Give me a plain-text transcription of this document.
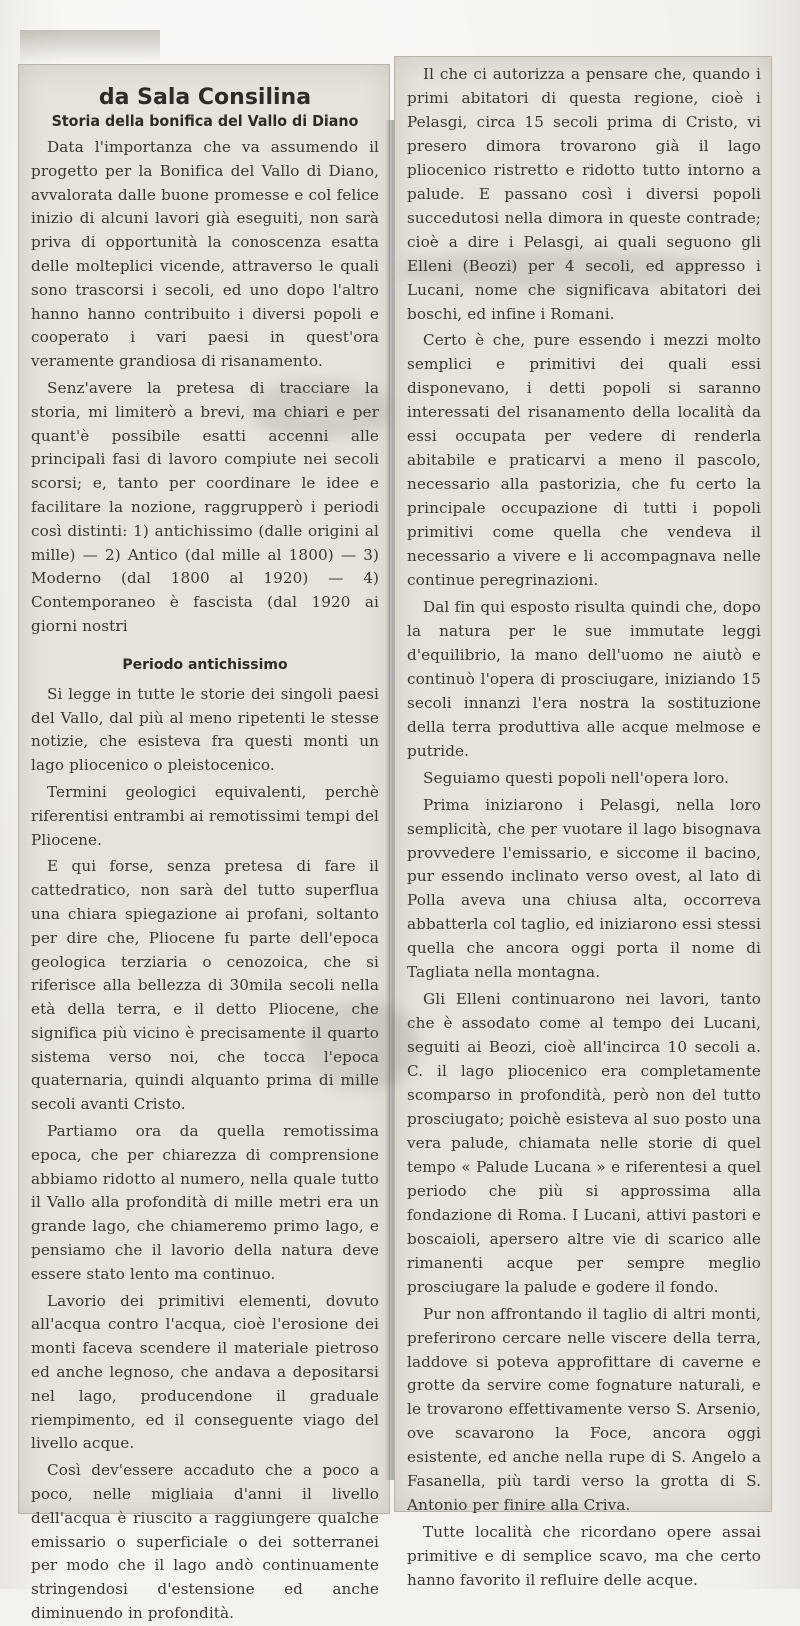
da Sala Consilina
Storia della bonifica del Vallo di Diano

Data l'importanza che va assumendo il progetto per la Bonifica del Vallo di Diano, avvalorata dalle buone promesse e col felice inizio di alcuni lavori già eseguiti, non sarà priva di opportunità la conoscenza esatta delle molteplici vicende, attraverso le quali sono trascorsi i secoli, ed uno dopo l'altro hanno hanno contribuito i diversi popoli e cooperato i vari paesi in quest'ora veramente grandiosa di risanamento.

Senz'avere la pretesa di tracciare la storia, mi limiterò a brevi, ma chiari e per quant'è possibile esatti accenni alle principali fasi di lavoro compiute nei secoli scorsi; e, tanto per coordinare le idee e facilitare la nozione, raggrupperò i periodi così distinti: 1) antichissimo (dalle origini al mille) — 2) Antico (dal mille al 1800) — 3) Moderno (dal 1800 al 1920) — 4) Contemporaneo è fascista (dal 1920 ai giorni nostri

Periodo antichissimo

Si legge in tutte le storie dei singoli paesi del Vallo, dal più al meno ripetenti le stesse notizie, che esisteva fra questi monti un lago pliocenico o pleistocenico.

Termini geologici equivalenti, perchè riferentisi entrambi ai remotissimi tempi del Pliocene.

E qui forse, senza pretesa di fare il cattedratico, non sarà del tutto superflua una chiara spiegazione ai profani, soltanto per dire che, Pliocene fu parte dell'epoca geologica terziaria o cenozoica, che si riferisce alla bellezza di 30mila secoli nella età della terra, e il detto Pliocene, che significa più vicino è precisamente il quarto sistema verso noi, che tocca l'epoca quaternaria, quindi alquanto prima di mille secoli avanti Cristo.

Partiamo ora da quella remotissima epoca, che per chiarezza di comprensione abbiamo ridotto al numero, nella quale tutto il Vallo alla profondità di mille metri era un grande lago, che chiameremo primo lago, e pensiamo che il lavorio della natura deve essere stato lento ma continuo.

Lavorio dei primitivi elementi, dovuto all'acqua contro l'acqua, cioè l'erosione dei monti faceva scendere il materiale pietroso ed anche legnoso, che andava a depositarsi nel lago, producendone il graduale riempimento, ed il conseguente viago del livello acque.

Così dev'essere accaduto che a poco a poco, nelle migliaia d'anni il livello dell'acqua è riuscito a raggiungere qualche emissario o superficiale o dei sotterranei per modo che il lago andò continuamente stringendosi d'estensione ed anche diminuendo in profondità.

Il che ci autorizza a pensare che, quando i primi abitatori di questa regione, cioè i Pelasgi, circa 15 secoli prima di Cristo, vi presero dimora trovarono già il lago pliocenico ristretto e ridotto tutto intorno a palude. E passano così i diversi popoli succedutosi nella dimora in queste contrade; cioè a dire i Pelasgi, ai quali seguono gli Elleni (Beozi) per 4 secoli, ed appresso i Lucani, nome che significava abitatori dei boschi, ed infine i Romani.

Certo è che, pure essendo i mezzi molto semplici e primitivi dei quali essi disponevano, i detti popoli si saranno interessati del risanamento della località da essi occupata per vedere di renderla abitabile e praticarvi a meno il pascolo, necessario alla pastorizia, che fu certo la principale occupazione di tutti i popoli primitivi come quella che vendeva il necessario a vivere e li accompagnava nelle continue peregrinazioni.

Dal fin qui esposto risulta quindi che, dopo la natura per le sue immutate leggi d'equilibrio, la mano dell'uomo ne aiutò e continuò l'opera di prosciugare, iniziando 15 secoli innanzi l'era nostra la sostituzione della terra produttiva alle acque melmose e putride.

Seguiamo questi popoli nell'opera loro.

Prima iniziarono i Pelasgi, nella loro semplicità, che per vuotare il lago bisognava provvedere l'emissario, e siccome il bacino, pur essendo inclinato verso ovest, al lato di Polla aveva una chiusa alta, occorreva abbatterla col taglio, ed iniziarono essi stessi quella che ancora oggi porta il nome di Tagliata nella montagna.

Gli Elleni continuarono nei lavori, tanto che è assodato come al tempo dei Lucani, seguiti ai Beozi, cioè all'incirca 10 secoli a. C. il lago pliocenico era completamente scomparso in profondità, però non del tutto prosciugato; poichè esisteva al suo posto una vera palude, chiamata nelle storie di quel tempo « Palude Lucana » e riferentesi a quel periodo che più si approssima alla fondazione di Roma. I Lucani, attivi pastori e boscaioli, apersero altre vie di scarico alle rimanenti acque per sempre meglio prosciugare la palude e godere il fondo.

Pur non affrontando il taglio di altri monti, preferirono cercare nelle viscere della terra, laddove si poteva approfittare di caverne e grotte da servire come fognature naturali, e le trovarono effettivamente verso S. Arsenio, ove scavarono la Foce, ancora oggi esistente, ed anche nella rupe di S. Angelo a Fasanella, più tardi verso la grotta di S. Antonio per finire alla Criva.

Tutte località che ricordano opere assai primitive e di semplice scavo, ma che certo hanno favorito il refluire delle acque.
